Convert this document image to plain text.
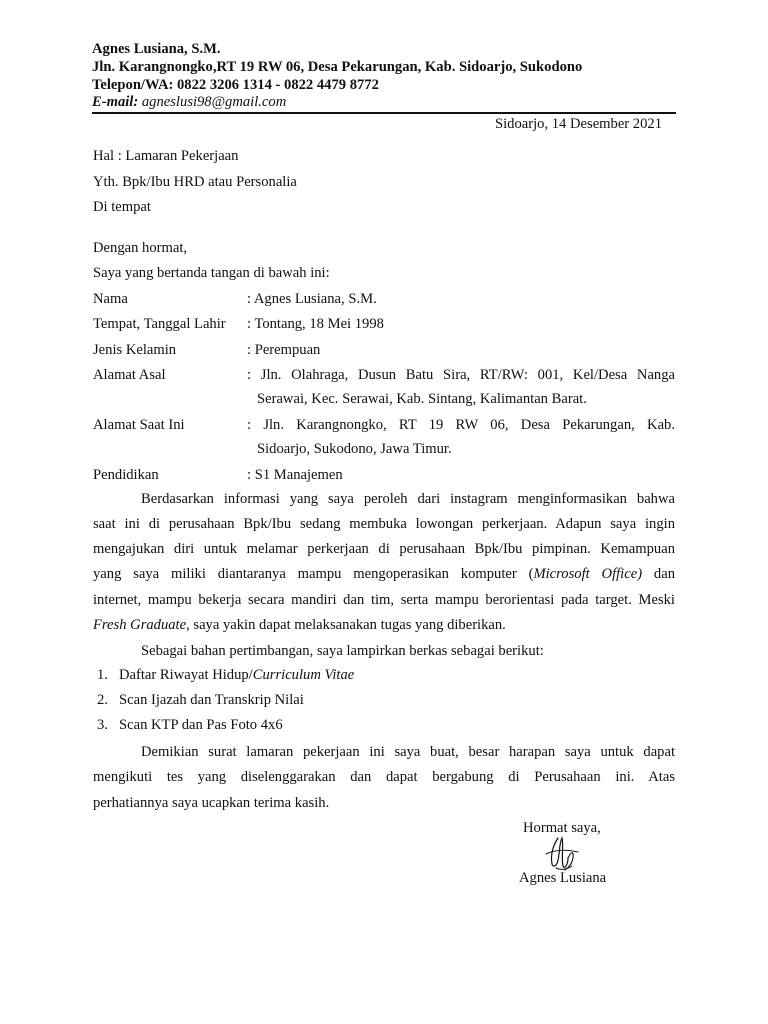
Agnes Lusiana, S.M.
Jln. Karangnongko,RT 19 RW 06, Desa Pekarungan, Kab. Sidoarjo, Sukodono
Telepon/WA: 0822 3206 1314 - 0822 4479 8772
E-mail: agneslusi98@gmail.com
Sidoarjo, 14 Desember 2021
Hal : Lamaran Pekerjaan
Yth. Bpk/Ibu HRD atau Personalia
Di tempat
Dengan hormat,
Saya yang bertanda tangan di bawah ini:
Nama	: Agnes Lusiana, S.M.
Tempat, Tanggal Lahir : Tontang, 18 Mei 1998
Jenis Kelamin	: Perempuan
Alamat Asal	: Jln. Olahraga, Dusun Batu Sira, RT/RW: 001, Kel/Desa Nanga
Serawai, Kec. Serawai, Kab. Sintang, Kalimantan Barat.
Alamat Saat Ini	: Jln. Karangnongko, RT 19 RW 06, Desa Pekarungan, Kab.
Sidoarjo, Sukodono, Jawa Timur.
Pendidikan	: S1 Manajemen
Berdasarkan informasi yang saya peroleh dari instagram menginformasikan bahwa
saat ini di perusahaan Bpk/Ibu sedang membuka lowongan perkerjaan. Adapun saya ingin
mengajukan diri untuk melamar perkerjaan di perusahaan Bpk/Ibu pimpinan. Kemampuan
yang saya miliki diantaranya mampu mengoperasikan komputer (Microsoft Office) dan
internet, mampu bekerja secara mandiri dan tim, serta mampu berorientasi pada target. Meski
Fresh Graduate, saya yakin dapat melaksanakan tugas yang diberikan.
Sebagai bahan pertimbangan, saya lampirkan berkas sebagai berikut:
1. Daftar Riwayat Hidup/Curriculum Vitae
2. Scan Ijazah dan Transkrip Nilai
3. Scan KTP dan Pas Foto 4x6
Demikian surat lamaran pekerjaan ini saya buat, besar harapan saya untuk dapat
mengikuti tes yang diselenggarakan dan dapat bergabung di Perusahaan ini. Atas
perhatiannya saya ucapkan terima kasih.
Hormat saya,
Agnes Lusiana
